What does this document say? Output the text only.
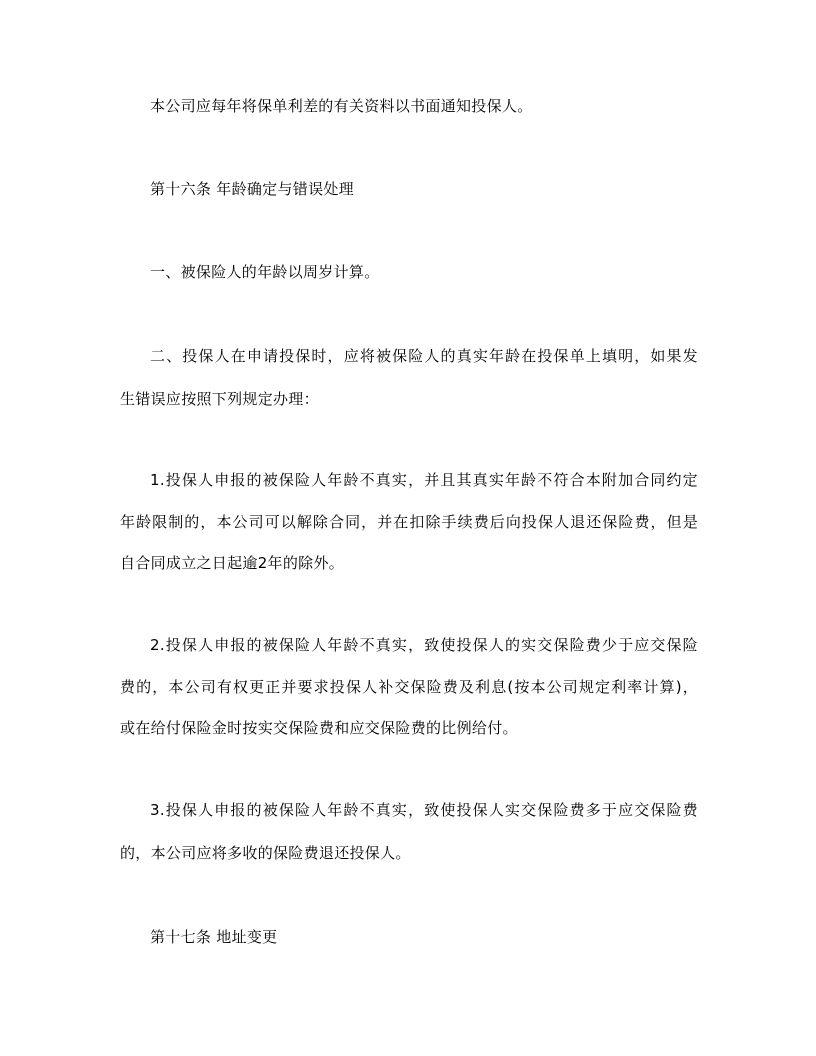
本公司应每年将保单利差的有关资料以书面通知投保人。
第十六条 年龄确定与错误处理
一、被保险人的年龄以周岁计算。
二、投保人在申请投保时，应将被保险人的真实年龄在投保单上填明，如果发
生错误应按照下列规定办理：
1.投保人申报的被保险人年龄不真实，并且其真实年龄不符合本附加合同约定
年龄限制的，本公司可以解除合同，并在扣除手续费后向投保人退还保险费，但是
自合同成立之日起逾2年的除外。
2.投保人申报的被保险人年龄不真实，致使投保人的实交保险费少于应交保险
费的，本公司有权更正并要求投保人补交保险费及利息(按本公司规定利率计算)，
或在给付保险金时按实交保险费和应交保险费的比例给付。
3.投保人申报的被保险人年龄不真实，致使投保人实交保险费多于应交保险费
的，本公司应将多收的保险费退还投保人。
第十七条 地址变更
